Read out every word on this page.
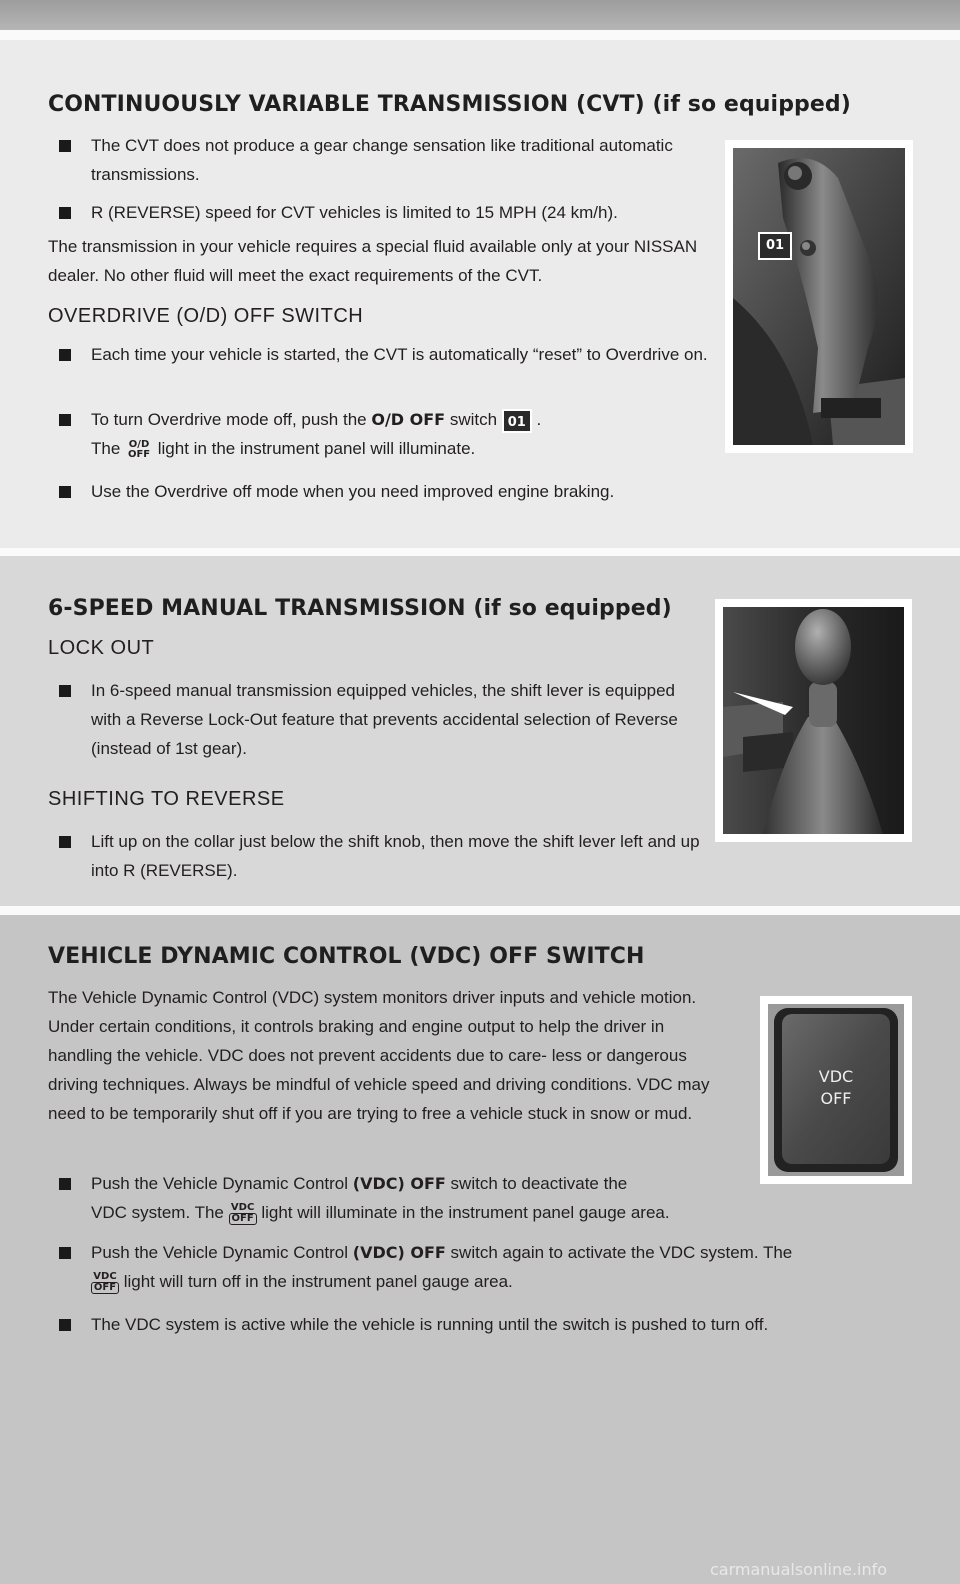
CONTINUOUSLY VARIABLE TRANSMISSION (CVT) (if so equipped)
The CVT does not produce a gear change sensation like traditional automatic transmissions.
R (REVERSE) speed for CVT vehicles is limited to 15 MPH (24 km/h).
The transmission in your vehicle requires a special fluid available only at your NISSAN dealer. No other fluid will meet the exact requirements of the CVT.
OVERDRIVE (O/D) OFF SWITCH
Each time your vehicle is started, the CVT is automatically “reset” to Overdrive on.
To turn Overdrive mode off, push the O/D OFF switch 01 .
The O/D
OFF light in the instrument panel will illuminate.
Use the Overdrive off mode when you need improved engine braking.
01
6-SPEED MANUAL TRANSMISSION (if so equipped)
LOCK OUT
In 6-speed manual transmission equipped vehicles, the shift lever is equipped with a Reverse Lock-Out feature that prevents accidental selection of Reverse (instead of 1st gear).
SHIFTING TO REVERSE
Lift up on the collar just below the shift knob, then move the shift lever left and up into R (REVERSE).
VEHICLE DYNAMIC CONTROL (VDC) OFF SWITCH
The Vehicle Dynamic Control (VDC) system monitors driver inputs and vehicle motion. Under certain conditions, it controls braking and engine output to help the driver in handling the vehicle. VDC does not prevent accidents due to care- less or dangerous driving techniques. Always be mindful of vehicle speed and driving conditions. VDC may need to be temporarily shut off if you are trying to free a vehicle stuck in snow or mud.
Push the Vehicle Dynamic Control (VDC) OFF switch to deactivate the
VDC system. The VDC
OFF light will illuminate in the instrument panel gauge area.
Push the Vehicle Dynamic Control (VDC) OFF switch again to activate the VDC system. The

VDC
OFF light will turn off in the instrument panel gauge area.
The VDC system is active while the vehicle is running until the switch is pushed to turn off.
VDC
OFF
carmanualsonline.info
